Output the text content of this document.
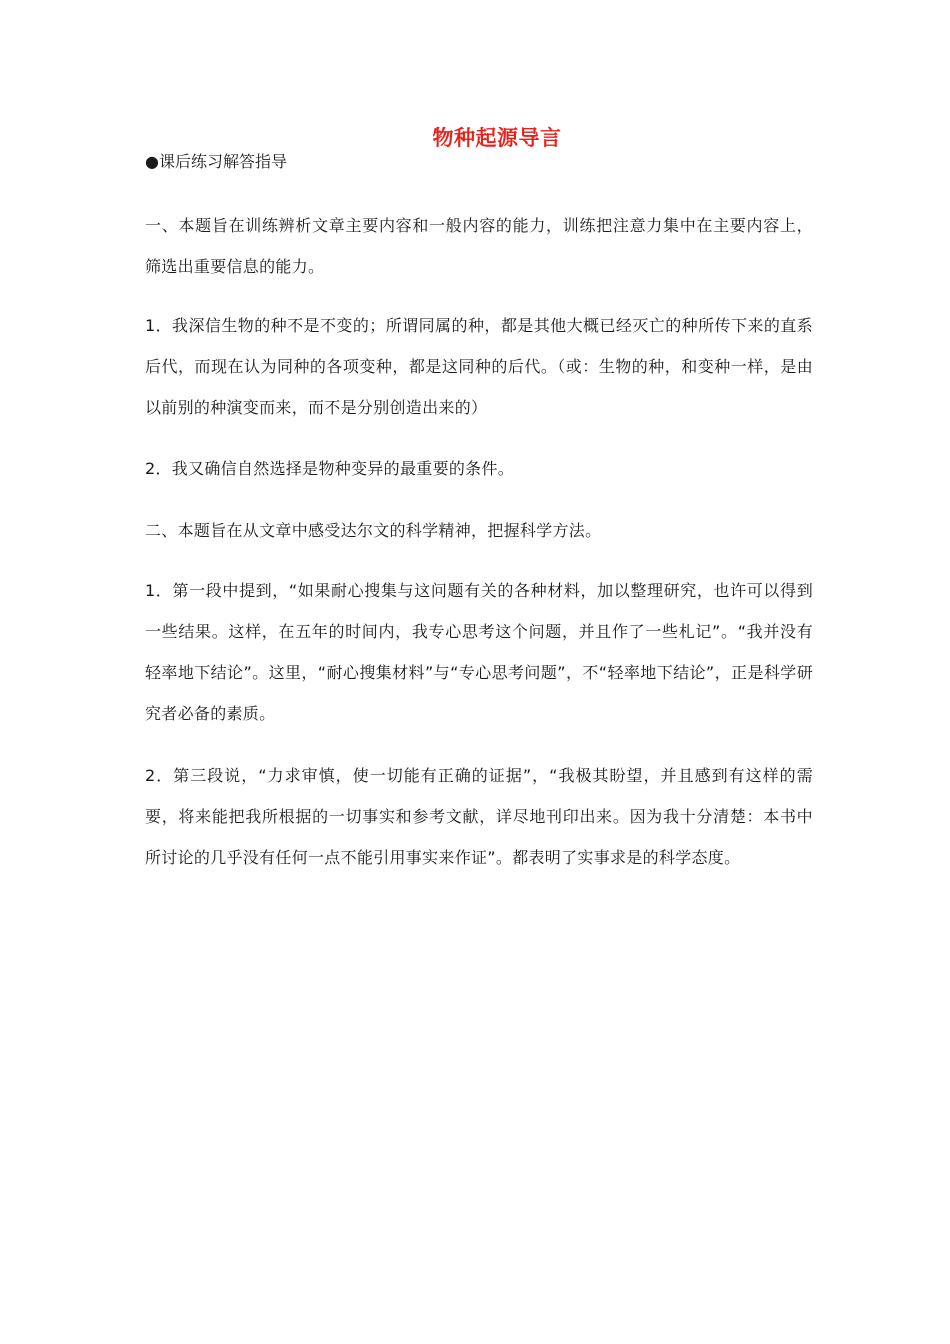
物种起源导言

●课后练习解答指导

一、本题旨在训练辨析文章主要内容和一般内容的能力，训练把注意力集中在主要内容上，筛选出重要信息的能力。

1．我深信生物的种不是不变的；所谓同属的种，都是其他大概已经灭亡的种所传下来的直系后代，而现在认为同种的各项变种，都是这同种的后代。（或：生物的种，和变种一样，是由以前别的种演变而来，而不是分别创造出来的）

2．我又确信自然选择是物种变异的最重要的条件。

二、本题旨在从文章中感受达尔文的科学精神，把握科学方法。

1．第一段中提到，“如果耐心搜集与这问题有关的各种材料，加以整理研究，也许可以得到一些结果。这样，在五年的时间内，我专心思考这个问题，并且作了一些札记”。“我并没有轻率地下结论”。这里，“耐心搜集材料”与“专心思考问题”，不“轻率地下结论”，正是科学研究者必备的素质。

2．第三段说，“力求审慎，使一切能有正确的证据”，“我极其盼望，并且感到有这样的需要，将来能把我所根据的一切事实和参考文献，详尽地刊印出来。因为我十分清楚：本书中所讨论的几乎没有任何一点不能引用事实来作证”。都表明了实事求是的科学态度。
